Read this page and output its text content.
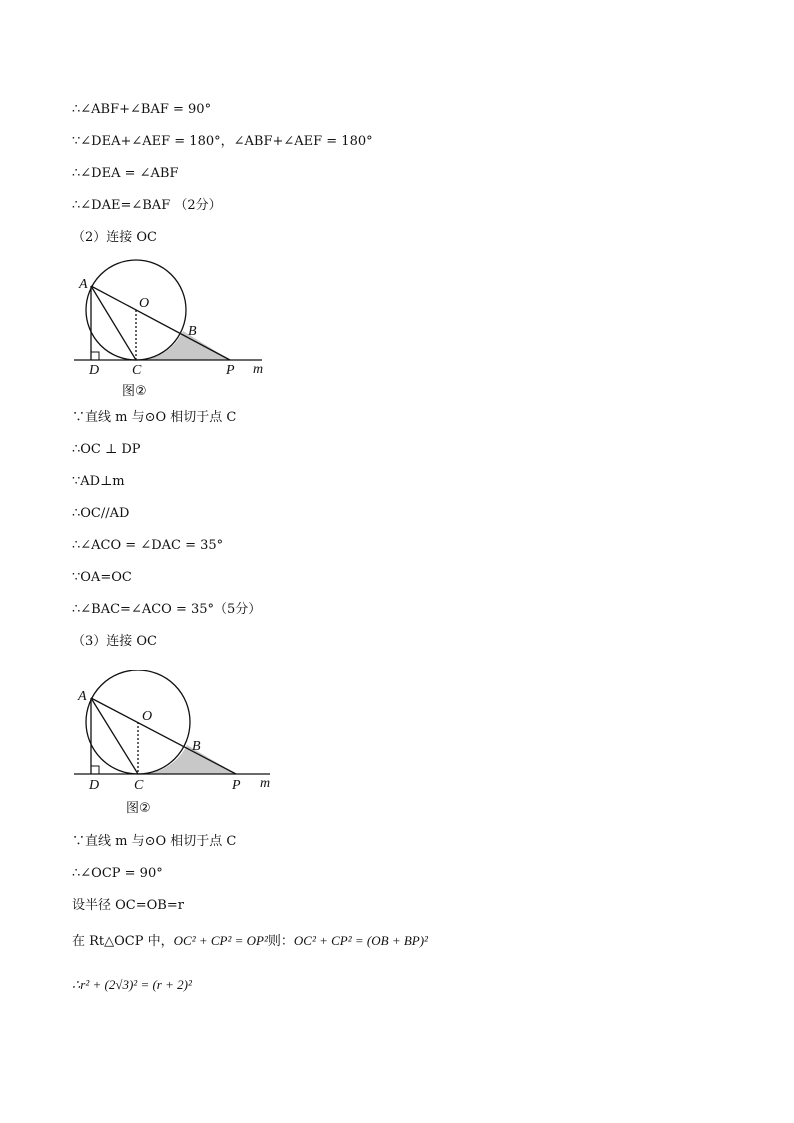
∴∠ABF+∠BAF = 90°
∵∠DEA+∠AEF = 180°，∠ABF+∠AEF = 180°
∴∠DEA = ∠ABF
∴∠DAE=∠BAF （2分）
（2）连接 OC
A
O
B
D C	P m
图②
∵直线 m 与⊙O 相切于点 C
∴OC ⊥ DP
∵AD⊥m
∴OC//AD
∴∠ACO = ∠DAC = 35°
∵OA=OC
∴∠BAC=∠ACO = 35°（5分）
（3）连接 OC
A
O
B
D C	P m
图②
∵直线 m 与⊙O 相切于点 C
∴∠OCP = 90°
设半径 OC=OB=r
在 Rt△OCP 中，OC² + CP² = OP²则：OC² + CP² = (OB + BP)²
∴r² + (2√3)² = (r + 2)²
